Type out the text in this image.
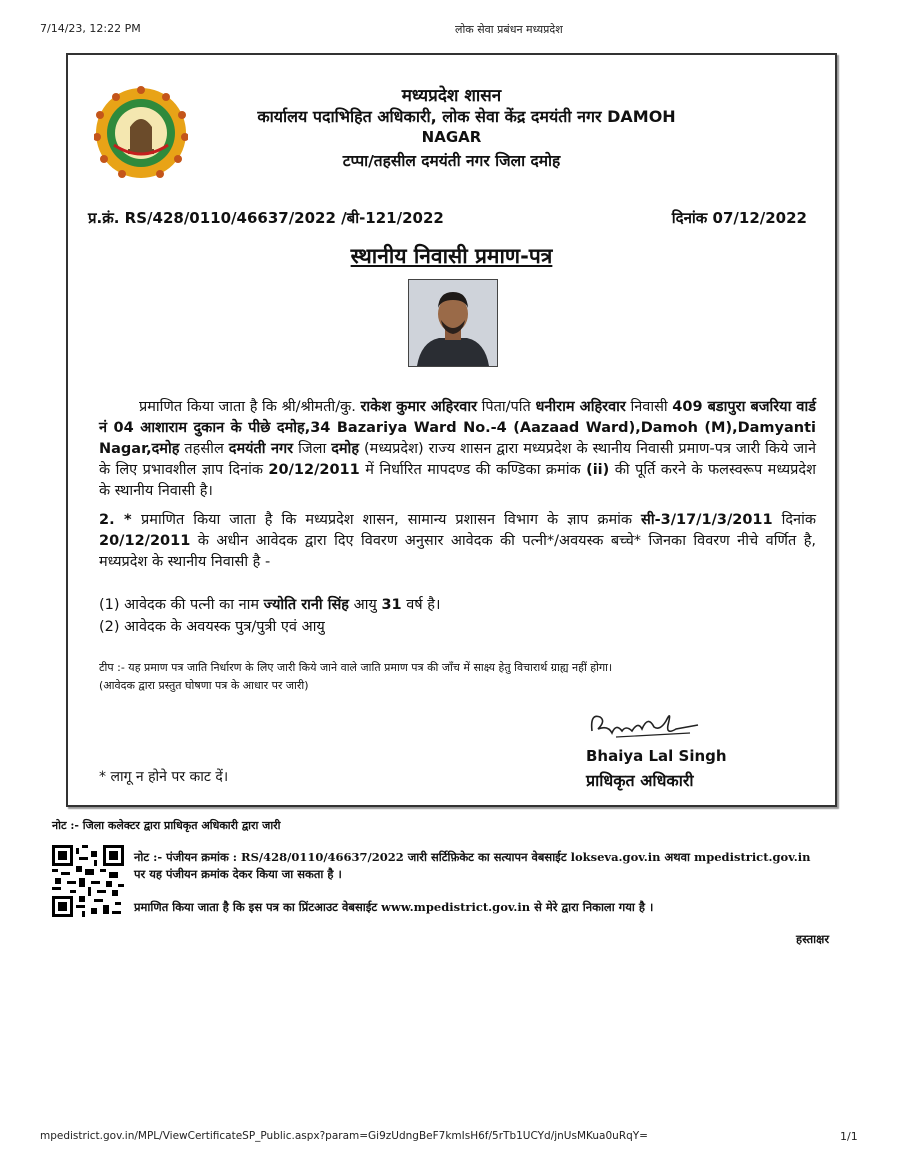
7/14/23, 12:22 PM	लोक सेवा प्रबंधन मध्यप्रदेश
मध्यप्रदेश शासन
कार्यालय पदाभिहित अधिकारी, लोक सेवा केंद्र दमयंती नगर DAMOH
NAGAR
टप्पा/तहसील दमयंती नगर जिला दमोह
प्र.क्रं. RS/428/0110/46637/2022 /बी-121/2022	दिनांक 07/12/2022
स्थानीय निवासी प्रमाण-पत्र
प्रमाणित किया जाता है कि श्री/श्रीमती/कु. राकेश कुमार अहिरवार पिता/पति धनीराम अहिरवार निवासी 409 बडापुरा बजरिया वार्ड नं 04 आशाराम दुकान के पीछे दमोह,34 Bazariya Ward No.-4 (Aazaad Ward),Damoh (M),Damyanti Nagar,दमोह तहसील दमयंती नगर जिला दमोह (मध्यप्रदेश) राज्य शासन द्वारा मध्यप्रदेश के स्थानीय निवासी प्रमाण-पत्र जारी किये जाने के लिए प्रभावशील ज्ञाप दिनांक 20/12/2011 में निर्धारित मापदण्ड की कण्डिका क्रमांक (ii) की पूर्ति करने के फलस्वरूप मध्यप्रदेश के स्थानीय निवासी है।
2. * प्रमाणित किया जाता है कि मध्यप्रदेश शासन, सामान्य प्रशासन विभाग के ज्ञाप क्रमांक सी-3/17/1/3/2011 दिनांक 20/12/2011 के अधीन आवेदक द्वारा दिए विवरण अनुसार आवेदक की पत्नी*/अवयस्क बच्चे* जिनका विवरण नीचे वर्णित है, मध्यप्रदेश के स्थानीय निवासी है -
(1) आवेदक की पत्नी का नाम ज्योति रानी सिंह आयु 31 वर्ष है।
(2) आवेदक के अवयस्क पुत्र/पुत्री एवं आयु
टीप :- यह प्रमाण पत्र जाति निर्धारण के लिए जारी किये जाने वाले जाति प्रमाण पत्र की जाँच में साक्ष्य हेतु विचारार्थ ग्राह्य नहीं होगा।
(आवेदक द्वारा प्रस्तुत घोषणा पत्र के आधार पर जारी)
Bhaiya Lal Singh
प्राधिकृत अधिकारी
* लागू न होने पर काट दें।
नोट :- जिला कलेक्टर द्वारा प्राधिकृत अधिकारी द्वारा जारी
नोट :- पंजीयन क्रमांक : RS/428/0110/46637/2022 जारी सर्टिफ़िकेट का सत्यापन वेबसाईट lokseva.gov.in अथवा mpedistrict.gov.in
पर यह पंजीयन क्रमांक देकर किया जा सकता है ।
प्रमाणित किया जाता है कि इस पत्र का प्रिंटआउट वेबसाईट www.mpedistrict.gov.in से मेरे द्वारा निकाला गया है ।
हस्ताक्षर
mpedistrict.gov.in/MPL/ViewCertificateSP_Public.aspx?param=Gi9zUdngBeF7kmIsH6f/5rTb1UCYd/jnUsMKua0uRqY=	1/1
